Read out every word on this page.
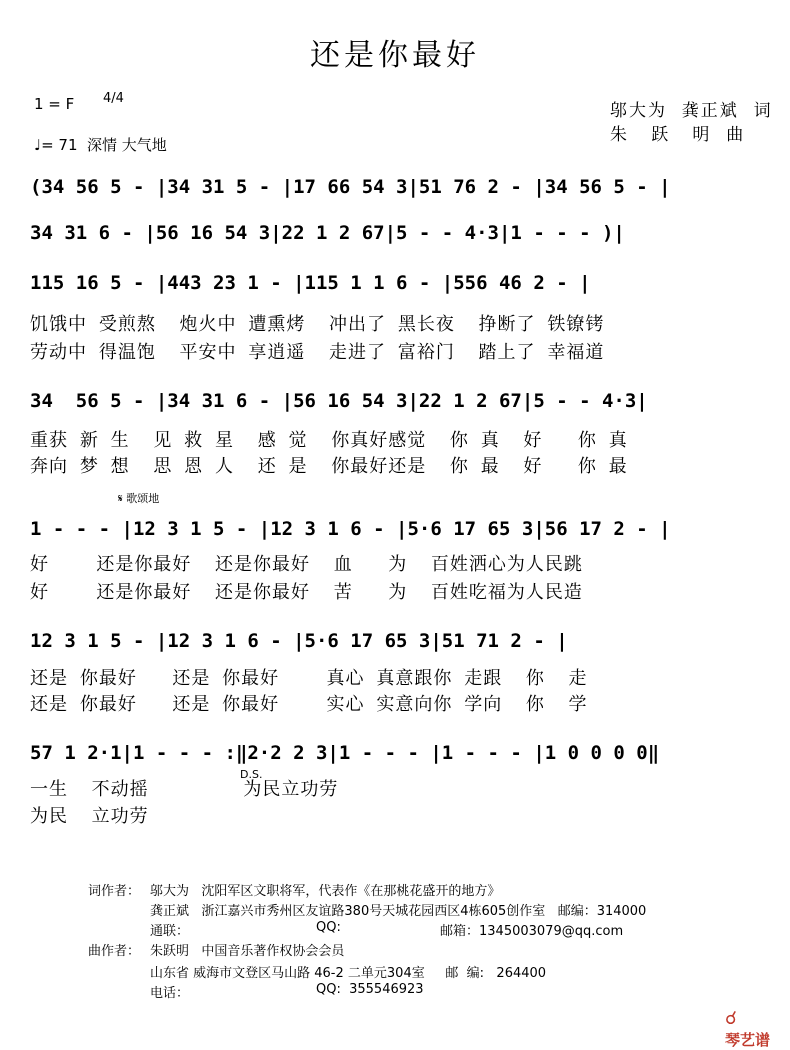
还是你最好
1 = F 4/4
♩= 71  深情 大气地
邬大为  龚正斌  词
朱   跃   明  曲
(34 56 5 - |34 31 5 - |17 66 54 3|51 76 2 - |34 56 5 - |
34 31 6 - |56 16 54 3|22 1 2 67|5 - - 4·3|1 - - - )|
115 16 5 - |443 23 1 - |115 1 1 6 - |556 46 2 - |
饥饿中 受煎熬  炮火中 遭熏烤  冲出了 黑长夜  挣断了 铁镣铐
劳动中 得温饱  平安中 享逍遥  走进了 富裕门  踏上了 幸福道
34  56 5 - |34 31 6 - |56 16 54 3|22 1 2 67|5 - - 4·3|
重获 新 生  见 救 星  感 觉  你真好感觉  你 真  好   你 真
奔向 梦 想  思 恩 人  还 是  你最好还是  你 最  好   你 最
𝄋 歌颂地
1 - - - |12 3 1 5 - |12 3 1 6 - |5·6 17 65 3|56 17 2 - |
好    还是你最好  还是你最好  血   为  百姓洒心为人民跳
好    还是你最好  还是你最好  苦   为  百姓吃福为人民造
12 3 1 5 - |12 3 1 6 - |5·6 17 65 3|51 71 2 - |
还是 你最好   还是 你最好    真心 真意跟你 走跟  你  走
还是 你最好   还是 你最好    实心 实意向你 学向  你  学
57 1 2·1|1 - - - :‖2·2 2 3|1 - - - |1 - - - |1 0 0 0 0‖
一生  不动摇        为民立功劳
D.S.
为民  立功劳
词作者： 邬大为   沈阳军区文职将军，代表作《在那桃花盛开的地方》
龚正斌   浙江嘉兴市秀州区友谊路380号天城花园西区4栋605创作室   邮编：314000
通联：	QQ:	邮箱：1345003079@qq.com
曲作者： 朱跃明   中国音乐著作权协会会员
山东省 威海市文登区马山路 46-2 二单元304室     邮  编:   264400
电话：	QQ:  355546923

☌
琴艺谱
